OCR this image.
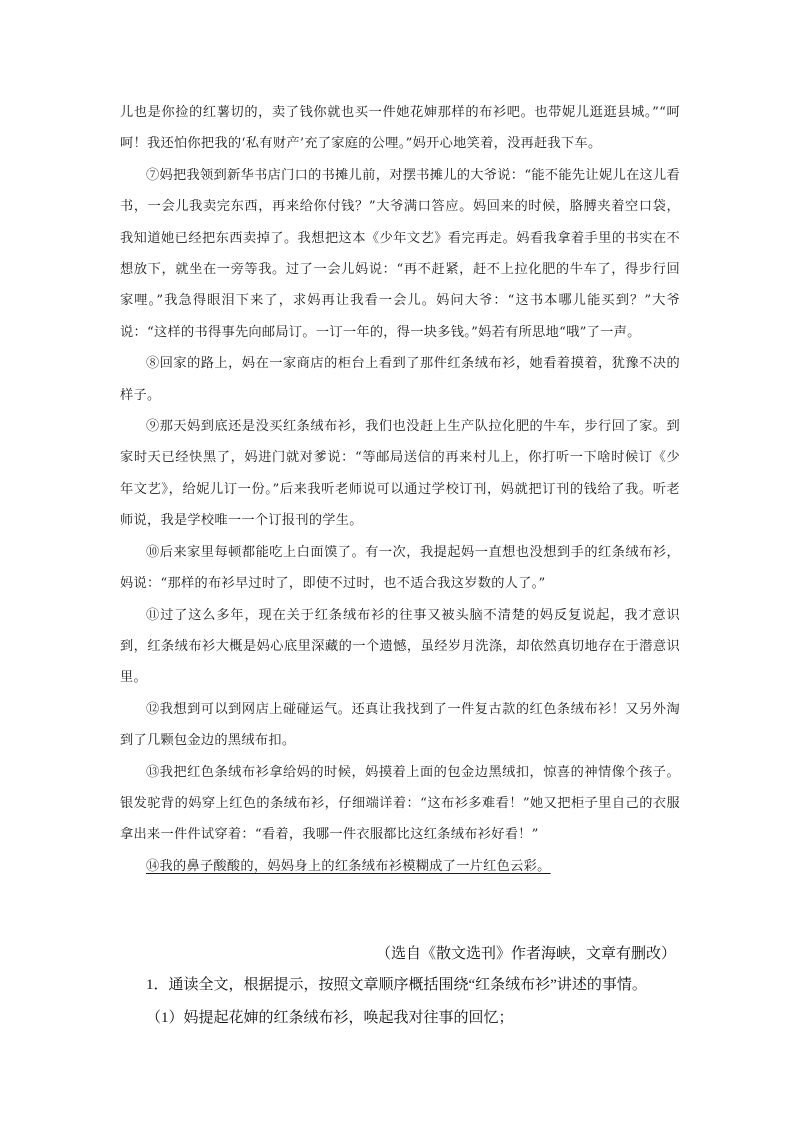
儿也是你捡的红薯切的，卖了钱你就也买一件她花婶那样的布衫吧。也带妮儿逛逛县城。”“呵呵！我还怕你把我的‘私有财产’充了家庭的公哩。”妈开心地笑着，没再赶我下车。

⑦妈把我领到新华书店门口的书摊儿前，对摆书摊儿的大爷说：“能不能先让妮儿在这儿看书，一会儿我卖完东西，再来给你付钱？”大爷满口答应。妈回来的时候，胳膊夹着空口袋，我知道她已经把东西卖掉了。我想把这本《少年文艺》看完再走。妈看我拿着手里的书实在不想放下，就坐在一旁等我。过了一会儿妈说：“再不赶紧，赶不上拉化肥的牛车了，得步行回家哩。”我急得眼泪下来了，求妈再让我看一会儿。妈问大爷：“这书本哪儿能买到？”大爷说：“这样的书得事先向邮局订。一订一年的，得一块多钱。”妈若有所思地“哦”了一声。

⑧回家的路上，妈在一家商店的柜台上看到了那件红条绒布衫，她看着摸着，犹豫不决的样子。

⑨那天妈到底还是没买红条绒布衫，我们也没赶上生产队拉化肥的牛车，步行回了家。到家时天已经快黑了，妈进门就对爹说：“等邮局送信的再来村儿上，你打听一下啥时候订《少年文艺》，给妮儿订一份。”后来我听老师说可以通过学校订刊，妈就把订刊的钱给了我。听老师说，我是学校唯一一个订报刊的学生。

⑩后来家里每顿都能吃上白面馍了。有一次，我提起妈一直想也没想到手的红条绒布衫，妈说：“那样的布衫早过时了，即使不过时，也不适合我这岁数的人了。”

⑪过了这么多年，现在关于红条绒布衫的往事又被头脑不清楚的妈反复说起，我才意识到，红条绒布衫大概是妈心底里深藏的一个遗憾，虽经岁月洗涤，却依然真切地存在于潜意识里。

⑫我想到可以到网店上碰碰运气。还真让我找到了一件复古款的红色条绒布衫！又另外淘到了几颗包金边的黑绒布扣。

⑬我把红色条绒布衫拿给妈的时候，妈摸着上面的包金边黑绒扣，惊喜的神情像个孩子。银发驼背的妈穿上红色的条绒布衫，仔细端详着：“这布衫多难看！”她又把柜子里自己的衣服拿出来一件件试穿着：“看着，我哪一件衣服都比这红条绒布衫好看！”

⑭我的鼻子酸酸的，妈妈身上的红条绒布衫模糊成了一片红色云彩。

（选自《散文选刊》作者海峡，文章有删改）
1．通读全文，根据提示，按照文章顺序概括围绕“红条绒布衫”讲述的事情。
（1）妈提起花婶的红条绒布衫，唤起我对往事的回忆；
